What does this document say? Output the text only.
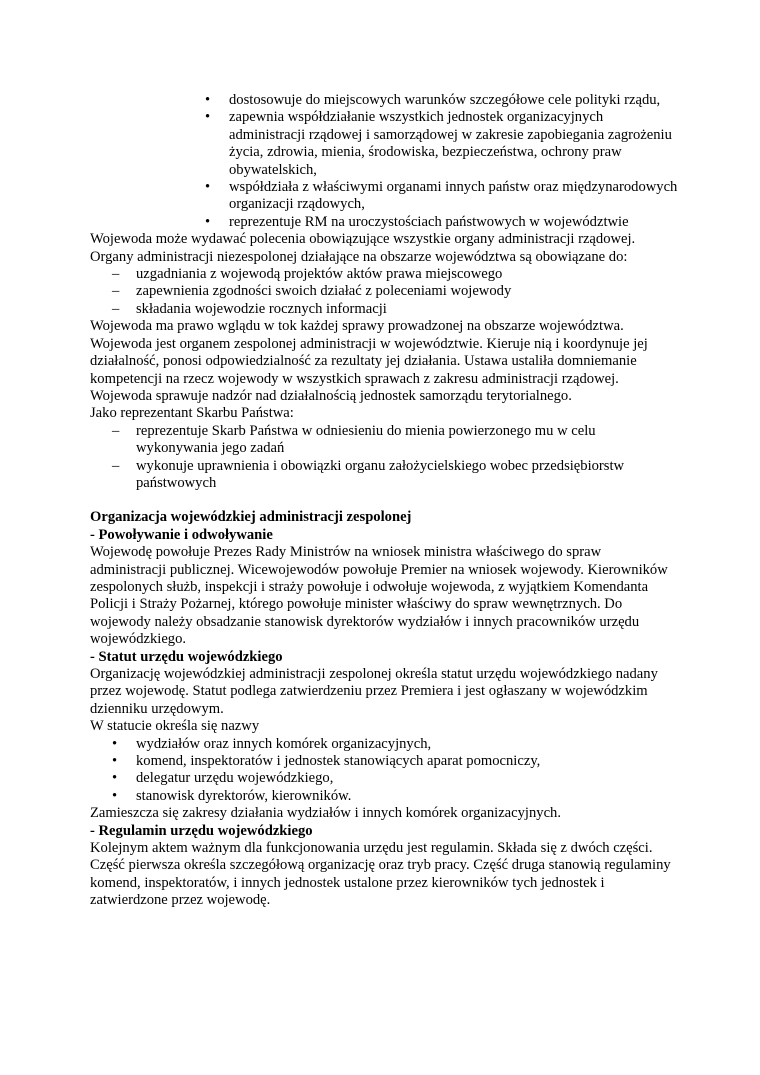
• dostosowuje do miejscowych warunków szczegółowe cele polityki rządu,
• zapewnia współdziałanie wszystkich jednostek organizacyjnych administracji rządowej i samorządowej w zakresie zapobiegania zagrożeniu życia, zdrowia, mienia, środowiska, bezpieczeństwa, ochrony praw obywatelskich,
• współdziała z właściwymi organami innych państw oraz międzynarodowych organizacji rządowych,
• reprezentuje RM na uroczystościach państwowych w województwie

Wojewoda może wydawać polecenia obowiązujące wszystkie organy administracji rządowej.

Organy administracji niezespolonej działające na obszarze województwa są obowiązane do:

– uzgadniania z wojewodą projektów aktów prawa miejscowego
– zapewnienia zgodności swoich działać z poleceniami wojewody
– składania wojewodzie rocznych informacji

Wojewoda ma prawo wglądu w tok każdej sprawy prowadzonej na obszarze województwa.

Wojewoda jest organem zespolonej administracji w województwie. Kieruje nią i koordynuje jej działalność, ponosi odpowiedzialność za rezultaty jej działania. Ustawa ustaliła domniemanie kompetencji na rzecz wojewody w wszystkich sprawach z zakresu administracji rządowej.

Wojewoda sprawuje nadzór nad działalnością jednostek samorządu terytorialnego.

Jako reprezentant Skarbu Państwa:

– reprezentuje Skarb Państwa w odniesieniu do mienia powierzonego mu w celu wykonywania jego zadań
– wykonuje uprawnienia i obowiązki organu założycielskiego wobec przedsiębiorstw państwowych

Organizacja wojewódzkiej administracji zespolonej

- Powoływanie i odwoływanie

Wojewodę powołuje Prezes Rady Ministrów na wniosek ministra właściwego do spraw administracji publicznej. Wicewojewodów powołuje Premier na wniosek wojewody. Kierowników zespolonych służb, inspekcji i straży powołuje i odwołuje wojewoda, z wyjątkiem Komendanta Policji i Straży Pożarnej, którego powołuje minister właściwy do spraw wewnętrznych. Do wojewody należy obsadzanie stanowisk dyrektorów wydziałów i innych pracowników urzędu wojewódzkiego.

- Statut urzędu wojewódzkiego

Organizację wojewódzkiej administracji zespolonej określa statut urzędu wojewódzkiego nadany przez wojewodę. Statut podlega zatwierdzeniu przez Premiera i jest ogłaszany w wojewódzkim dzienniku urzędowym.

W statucie określa się nazwy

• wydziałów oraz innych komórek organizacyjnych,
• komend, inspektoratów i jednostek stanowiących aparat pomocniczy,
• delegatur urzędu wojewódzkiego,
• stanowisk dyrektorów, kierowników.

Zamieszcza się zakresy działania wydziałów i innych komórek organizacyjnych.

- Regulamin urzędu wojewódzkiego

Kolejnym aktem ważnym dla funkcjonowania urzędu jest regulamin. Składa się z dwóch części. Część pierwsza określa szczegółową organizację oraz tryb pracy. Część druga stanowią regulaminy komend, inspektoratów, i innych jednostek ustalone przez kierowników tych jednostek i zatwierdzone przez wojewodę.
